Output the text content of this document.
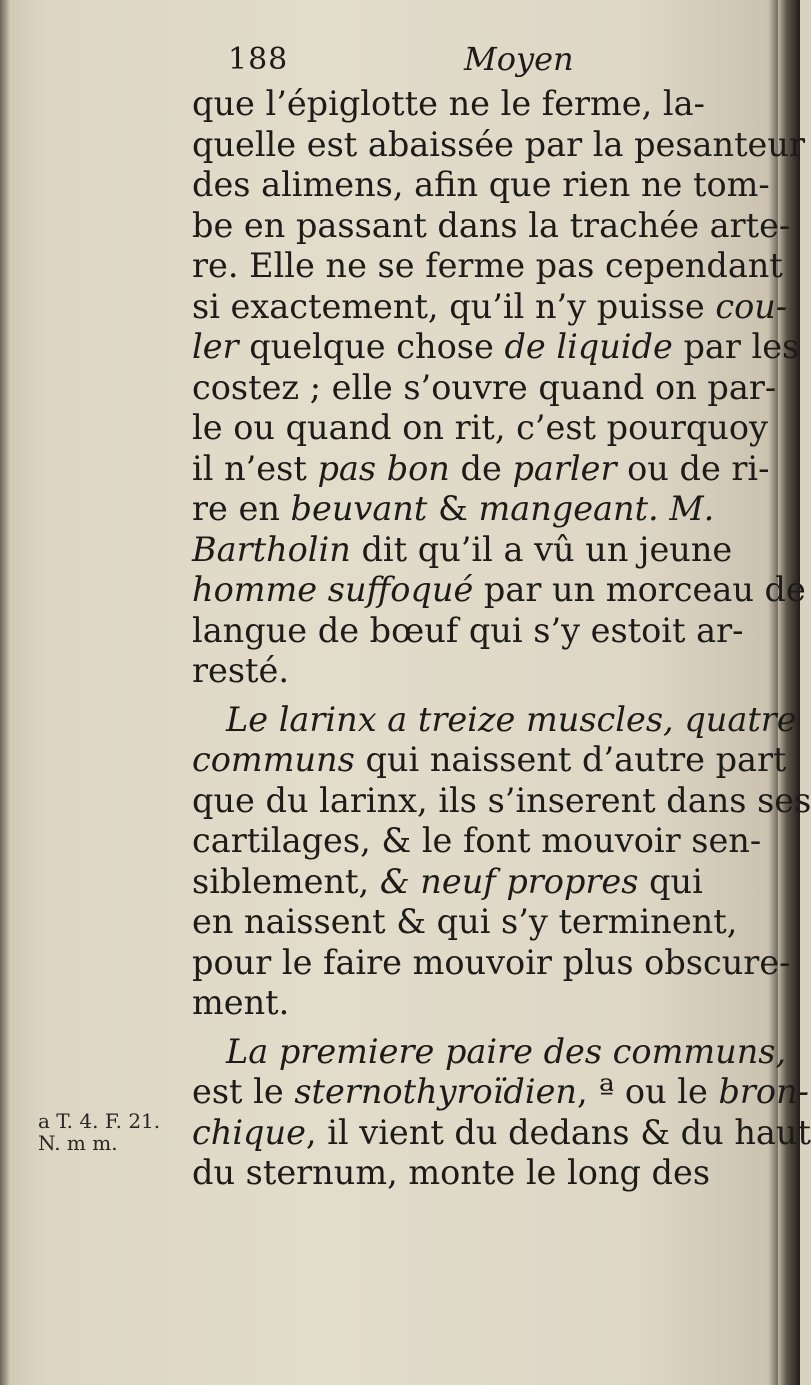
188	Moyen
que l’épiglotte ne le ferme, la-
quelle est abaissée par la pesanteur
des alimens, afin que rien ne tom-
be en passant dans la trachée arte-
re. Elle ne se ferme pas cependant
si exactement, qu’il n’y puisse cou-
ler quelque chose de liquide par les
costez ; elle s’ouvre quand on par-
le ou quand on rit, c’est pourquoy
il n’est pas bon de parler ou de ri-
re en beuvant & mangeant. M.
Bartholin dit qu’il a vû un jeune
homme suffoqué par un morceau de
langue de bœuf qui s’y estoit ar-
resté.
Le larinx a treize muscles, quatre
communs qui naissent d’autre part
que du larinx, ils s’inserent dans ses
cartilages, & le font mouvoir sen-
siblement, & neuf propres qui
en naissent & qui s’y terminent,
pour le faire mouvoir plus obscure-
ment.
La premiere paire des communs,
est le sternothyroïdien, ª ou le bron-
chique, il vient du dedans & du haut
du sternum, monte le long des
a T. 4. F. 21.
N. m m.
